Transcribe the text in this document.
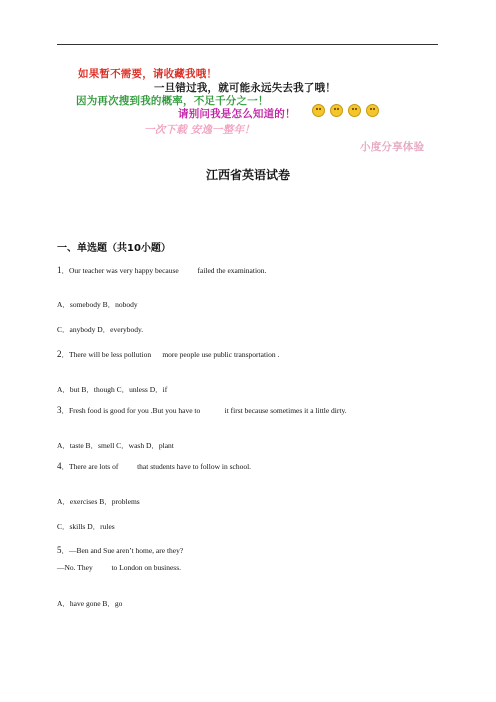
如果暂不需要，请收藏我哦！
一旦错过我，就可能永远失去我了哦！
因为再次搜到我的概率，不足千分之一！
请别问我是怎么知道的！
一次下载 安逸一整年！
小度分享体验
江西省英语试卷
一、单选题（共10小题）
1．Our teacher was very happy because          failed the examination.
A．somebody B．nobody
C．anybody D．everybody.
2．There will be less pollution      more people use public transportation .
A．but B．though C．unless D．if
3．Fresh food is good for you .But you have to             it first because sometimes it a little dirty.
A．taste B．smell C．wash D．plant
4．There are lots of          that students have to follow in school.
A．exercises B．problems
C．skills D．rules
5．—Ben and Sue aren’t home, are they?
—No. They          to London on business.
A．have gone B．go
